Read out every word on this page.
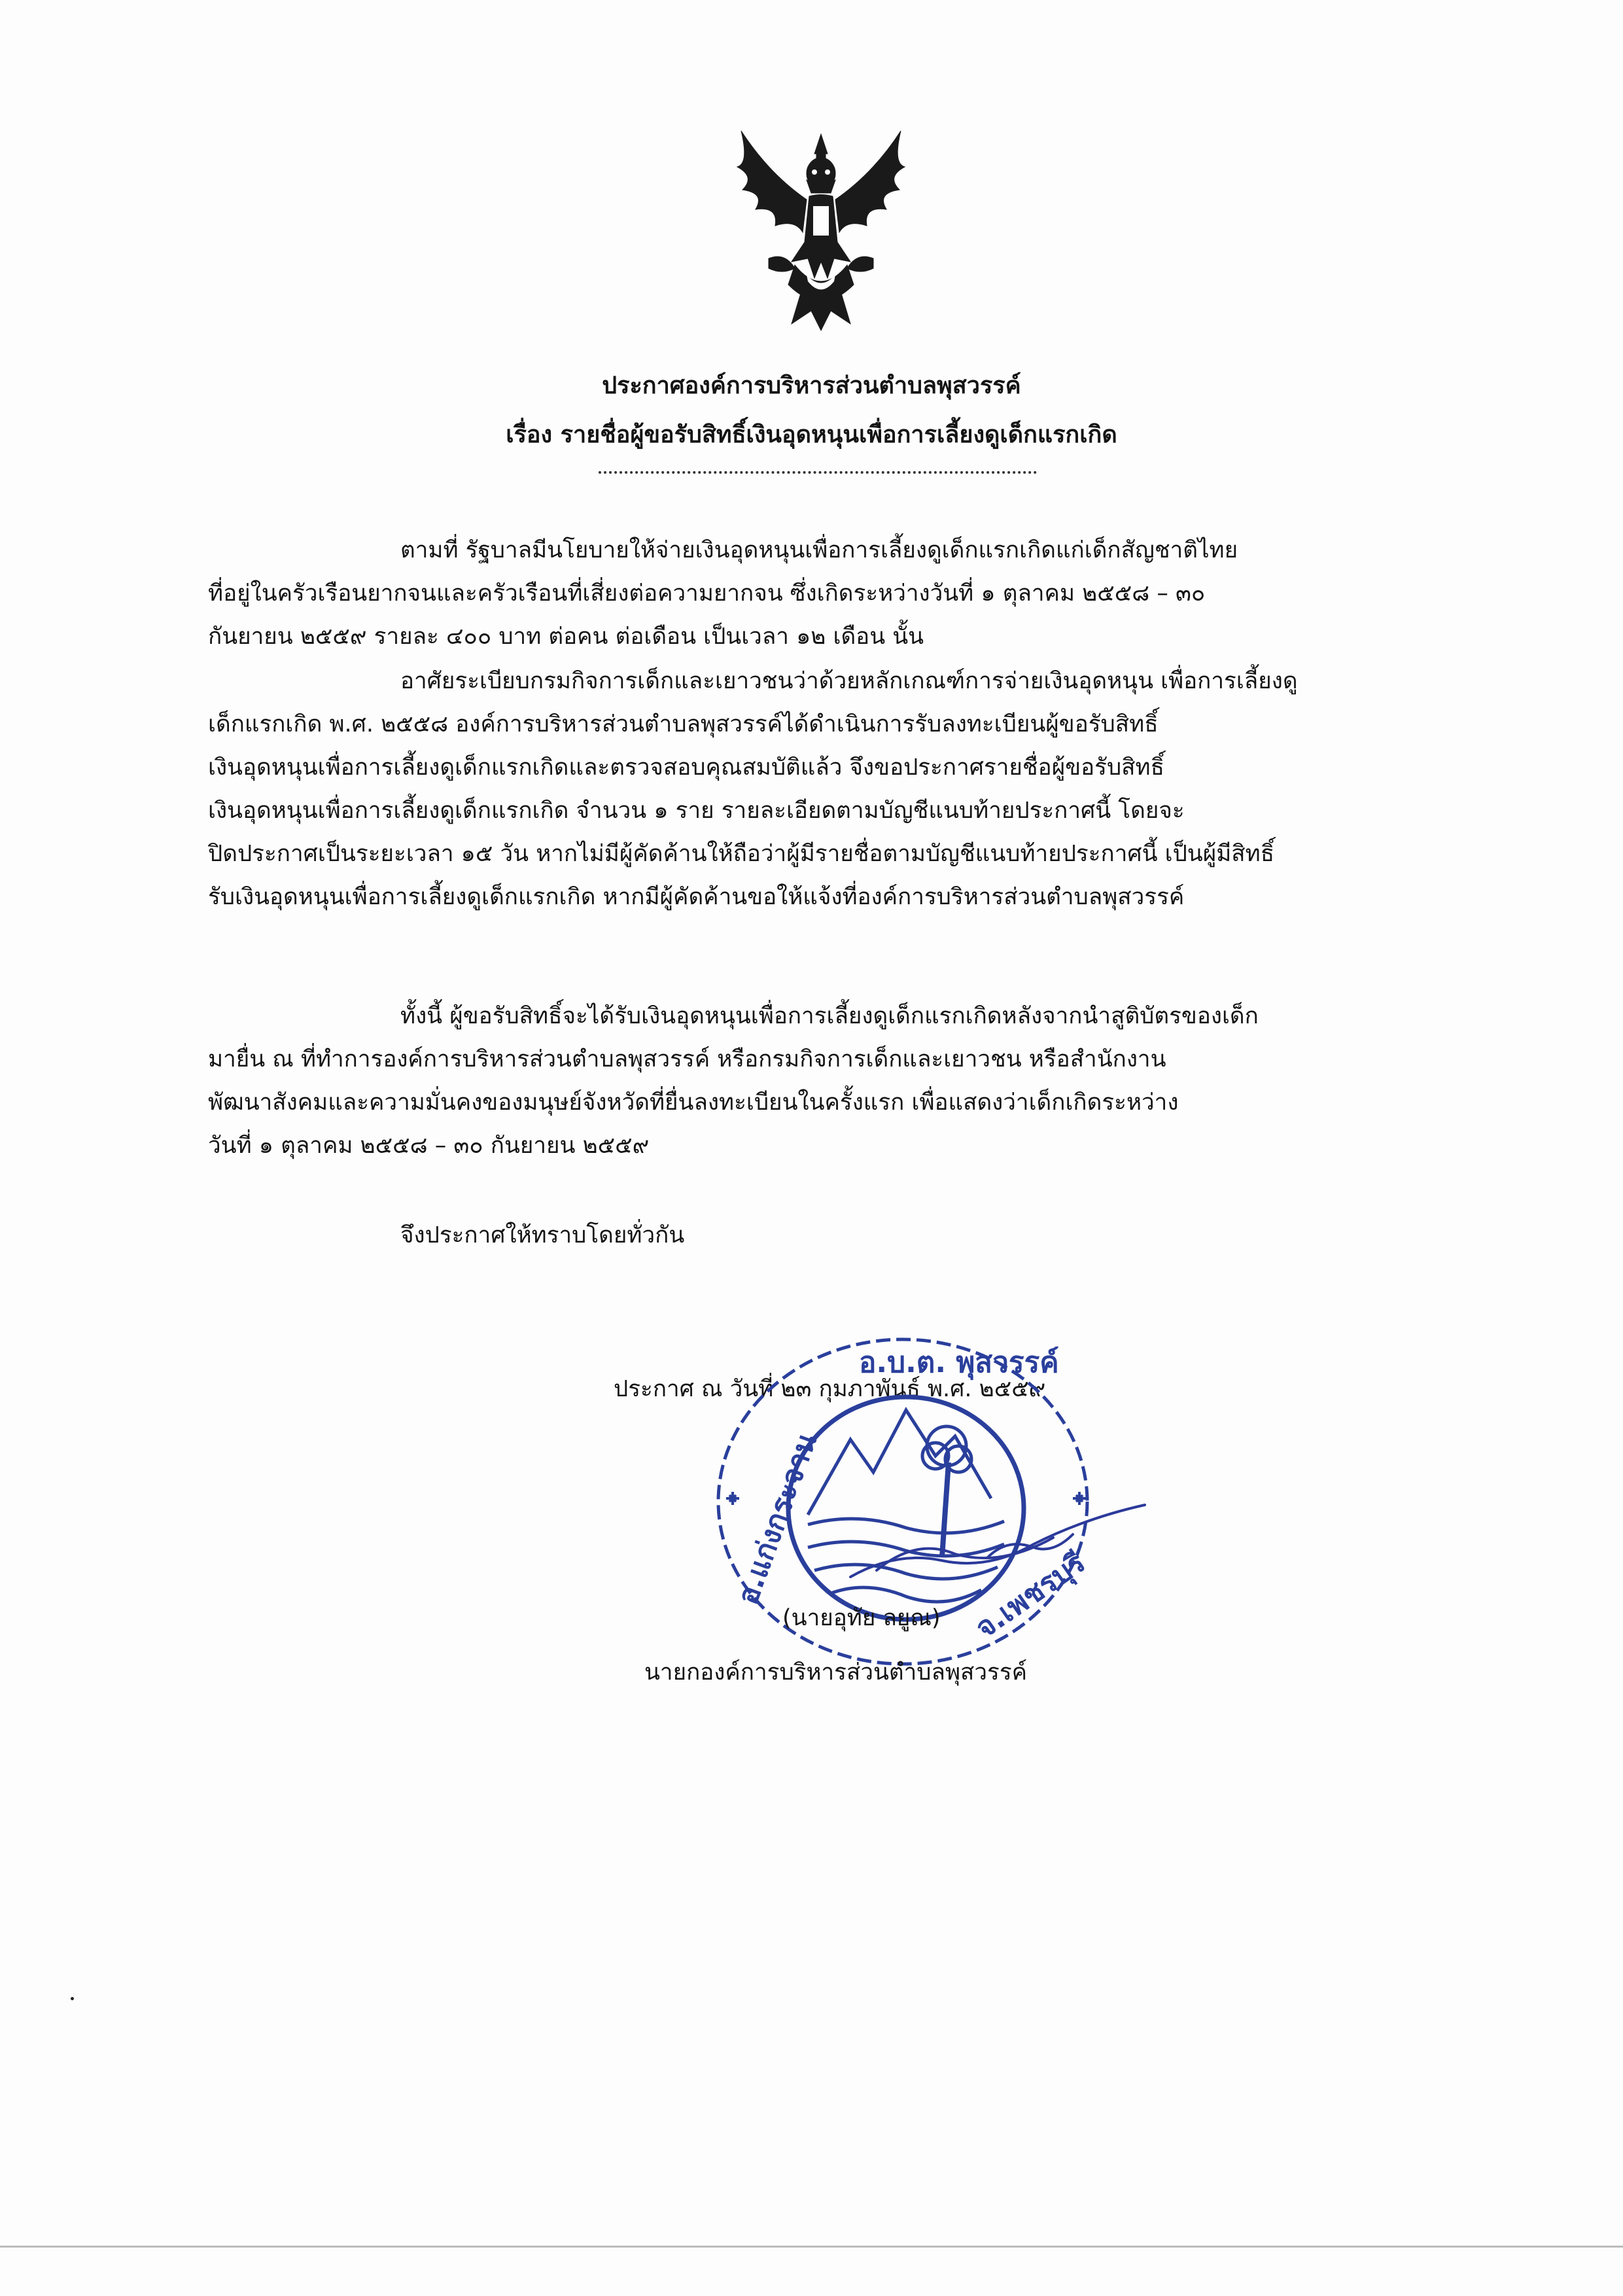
ประกาศองค์การบริหารส่วนตำบลพุสวรรค์
เรื่อง รายชื่อผู้ขอรับสิทธิ์เงินอุดหนุนเพื่อการเลี้ยงดูเด็กแรกเกิด
ตามที่ รัฐบาลมีนโยบายให้จ่ายเงินอุดหนุนเพื่อการเลี้ยงดูเด็กแรกเกิดแก่เด็กสัญชาติไทย
ที่อยู่ในครัวเรือนยากจนและครัวเรือนที่เสี่ยงต่อความยากจน ซึ่งเกิดระหว่างวันที่ ๑ ตุลาคม ๒๕๕๘ – ๓๐
กันยายน ๒๕๕๙ รายละ ๔๐๐ บาท ต่อคน ต่อเดือน เป็นเวลา ๑๒ เดือน นั้น
อาศัยระเบียบกรมกิจการเด็กและเยาวชนว่าด้วยหลักเกณฑ์การจ่ายเงินอุดหนุน เพื่อการเลี้ยงดู
เด็กแรกเกิด พ.ศ. ๒๕๕๘ องค์การบริหารส่วนตำบลพุสวรรค์ได้ดำเนินการรับลงทะเบียนผู้ขอรับสิทธิ์
เงินอุดหนุนเพื่อการเลี้ยงดูเด็กแรกเกิดและตรวจสอบคุณสมบัติแล้ว จึงขอประกาศรายชื่อผู้ขอรับสิทธิ์
เงินอุดหนุนเพื่อการเลี้ยงดูเด็กแรกเกิด จำนวน ๑ ราย รายละเอียดตามบัญชีแนบท้ายประกาศนี้ โดยจะ
ปิดประกาศเป็นระยะเวลา ๑๕ วัน หากไม่มีผู้คัดค้านให้ถือว่าผู้มีรายชื่อตามบัญชีแนบท้ายประกาศนี้ เป็นผู้มีสิทธิ์
รับเงินอุดหนุนเพื่อการเลี้ยงดูเด็กแรกเกิด หากมีผู้คัดค้านขอให้แจ้งที่องค์การบริหารส่วนตำบลพุสวรรค์
ทั้งนี้ ผู้ขอรับสิทธิ์จะได้รับเงินอุดหนุนเพื่อการเลี้ยงดูเด็กแรกเกิดหลังจากนำสูติบัตรของเด็ก
มายื่น ณ ที่ทำการองค์การบริหารส่วนตำบลพุสวรรค์ หรือกรมกิจการเด็กและเยาวชน หรือสำนักงาน
พัฒนาสังคมและความมั่นคงของมนุษย์จังหวัดที่ยื่นลงทะเบียนในครั้งแรก เพื่อแสดงว่าเด็กเกิดระหว่าง
วันที่ ๑ ตุลาคม ๒๕๕๘ – ๓๐ กันยายน ๒๕๕๙
จึงประกาศให้ทราบโดยทั่วกัน
ประกาศ ณ วันที่ ๒๓ กุมภาพันธ์ พ.ศ. ๒๕๕๙
อ.บ.ต. พุสวรรค์
อ.แก่งกระจาน	จ.เพชรบุรี
(นายอุทัย ลยูณ)
นายกองค์การบริหารส่วนตำบลพุสวรรค์
